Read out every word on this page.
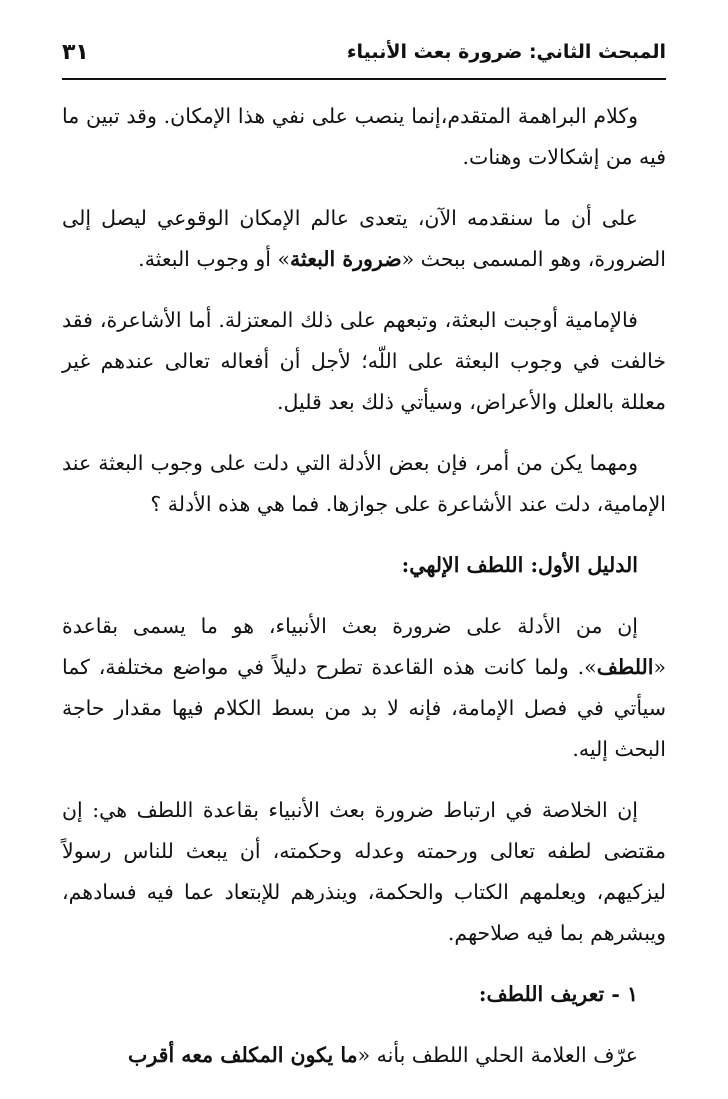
المبحث الثاني: ضرورة بعث الأنبياء
٣١

وكلام البراهمة المتقدم،إنما ينصب على نفي هذا الإمكان. وقد تبين ما فيه من إشكالات وهنات.

على أن ما سنقدمه الآن، يتعدى عالم الإمكان الوقوعي ليصل إلى الضرورة، وهو المسمى ببحث «ضرورة البعثة» أو وجوب البعثة.

فالإمامية أوجبت البعثة، وتبعهم على ذلك المعتزلة. أما الأشاعرة، فقد خالفت في وجوب البعثة على اللّه؛ لأجل أن أفعاله تعالى عندهم غير معللة بالعلل والأعراض، وسيأتي ذلك بعد قليل.

ومهما يكن من أمر، فإن بعض الأدلة التي دلت على وجوب البعثة عند الإمامية، دلت عند الأشاعرة على جوازها. فما هي هذه الأدلة ؟

الدليل الأول: اللطف الإلهي:

إن من الأدلة على ضرورة بعث الأنبياء، هو ما يسمى بقاعدة «اللطف». ولما كانت هذه القاعدة تطرح دليلاً في مواضع مختلفة، كما سيأتي في فصل الإمامة، فإنه لا بد من بسط الكلام فيها مقدار حاجة البحث إليه.

إن الخلاصة في ارتباط ضرورة بعث الأنبياء بقاعدة اللطف هي: إن مقتضى لطفه تعالى ورحمته وعدله وحكمته، أن يبعث للناس رسولاً ليزكيهم، ويعلمهم الكتاب والحكمة، وينذرهم للإبتعاد عما فيه فسادهم، ويبشرهم بما فيه صلاحهم.

١ - تعريف اللطف:

عرّف العلامة الحلي اللطف بأنه «ما يكون المكلف معه أقرب
